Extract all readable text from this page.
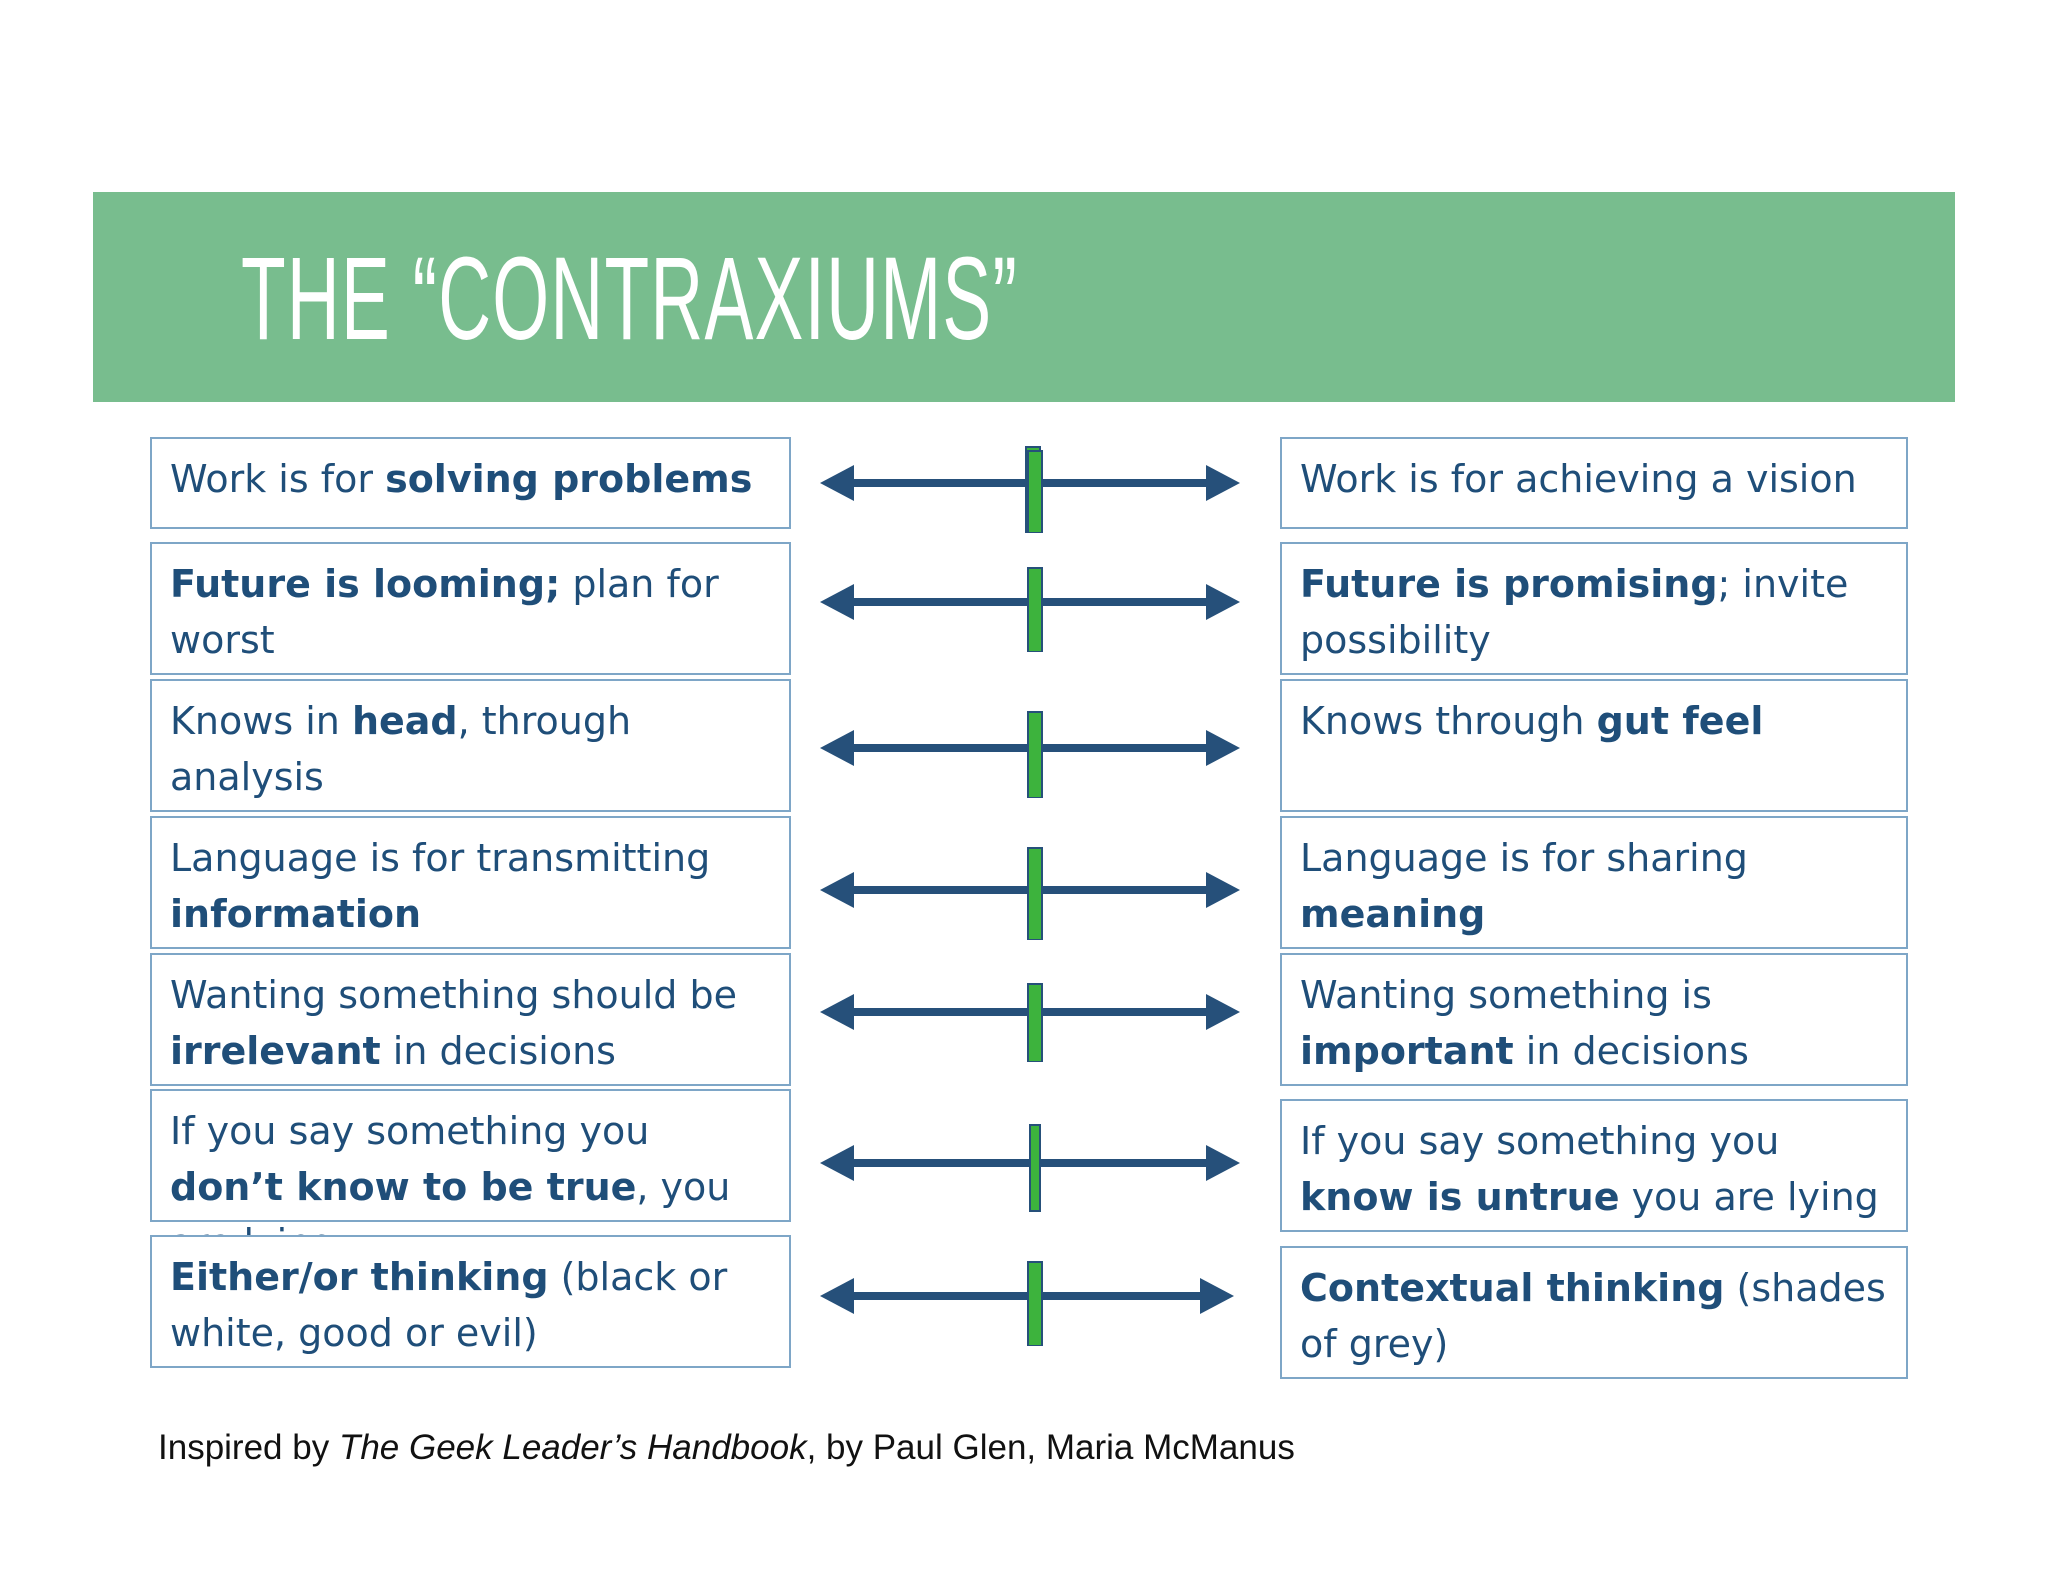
THE “CONTRAXIUMS”
Work is for solving problems	Work is for achieving a vision
Future is looming; plan for worst
Future is promising; invite possibility
Knows in head, through analysis
Knows through gut feel
Language is for transmitting information
Language is for sharing meaning
Wanting something should be irrelevant in decisions
Wanting something is important in decisions
If you say something you don’t know to be true, you
If you say something you know is untrue you are lying
Either/or thinking (black or white, good or evil)
Contextual thinking (shades of grey)
Inspired by The Geek Leader’s Handbook, by Paul Glen, Maria McManus
